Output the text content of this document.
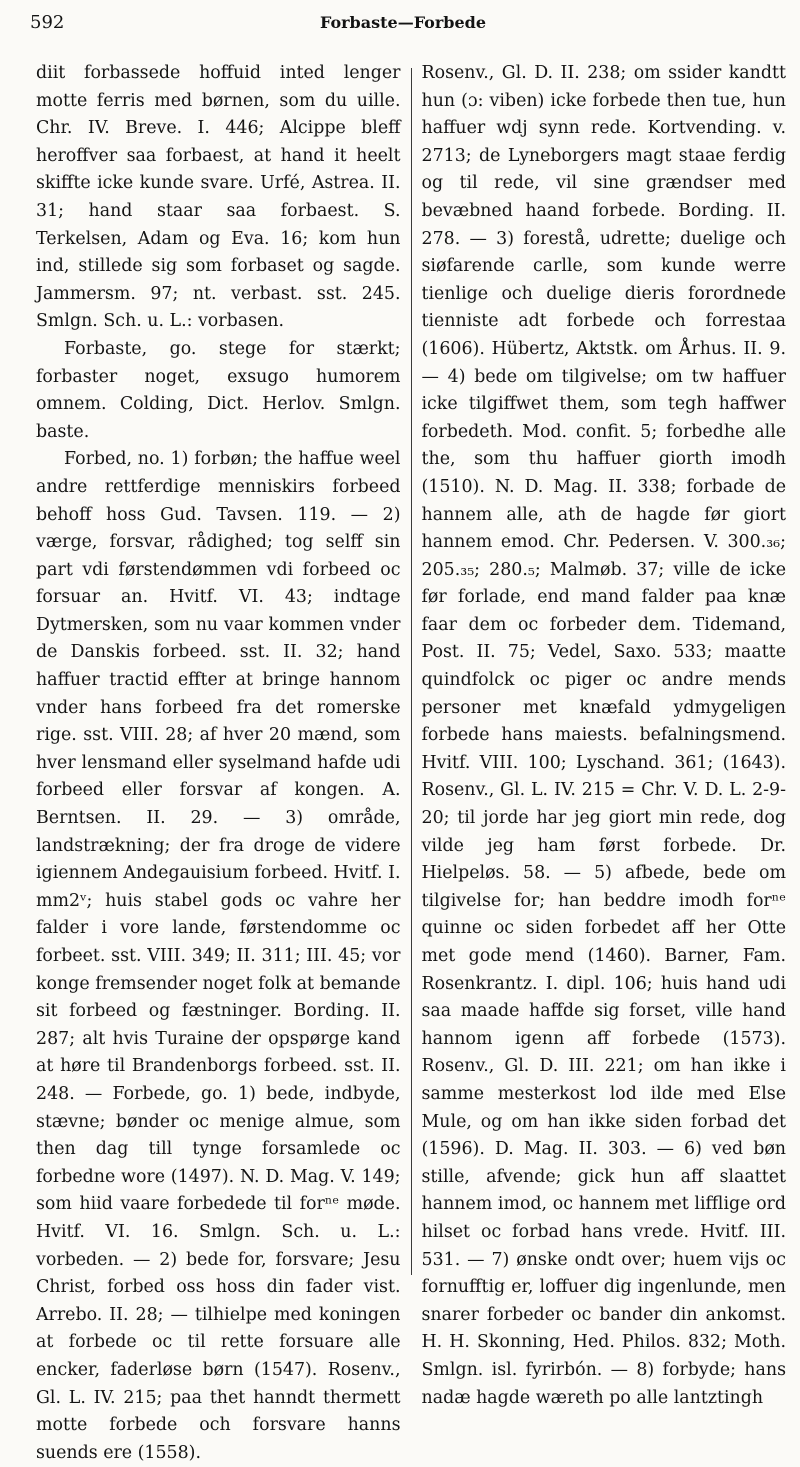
592	Forbaste—Forbede

diit forbassede hoffuid inted lenger motte ferris med børnen, som du uille. Chr. IV. Breve. I. 446; Alcippe bleff heroffver saa forbaest, at hand it heelt skiffte icke kunde svare. Urfé, Astrea. II. 31; hand staar saa forbaest. S. Terkelsen, Adam og Eva. 16; kom hun ind, stillede sig som forbaset og sagde. Jammersm. 97; nt. verbast. sst. 245. Smlgn. Sch. u. L.: vorbasen.

Forbaste, go. stege for stærkt; forbaster noget, exsugo humorem omnem. Colding, Dict. Herlov. Smlgn. baste.

Forbed, no. 1) forbøn; the haffue weel andre rettferdige menniskirs forbeed behoff hoss Gud. Tavsen. 119. — 2) værge, forsvar, rådighed; tog selff sin part vdi førstendømmen vdi forbeed oc forsuar an. Hvitf. VI. 43; indtage Dytmersken, som nu vaar kommen vnder de Danskis forbeed. sst. II. 32; hand haffuer tractid effter at bringe hannom vnder hans forbeed fra det romerske rige. sst. VIII. 28; af hver 20 mænd, som hver lensmand eller syselmand hafde udi forbeed eller forsvar af kongen. A. Berntsen. II. 29. — 3) område, landstrækning; der fra droge de videre igiennem Andegauisium forbeed. Hvitf. I. mm2ᵛ; huis stabel gods oc vahre her falder i vore lande, førstendomme oc forbeet. sst. VIII. 349; II. 311; III. 45; vor konge fremsender noget folk at bemande sit forbeed og fæstninger. Bording. II. 287; alt hvis Turaine der opspørge kand at høre til Brandenborgs forbeed. sst. II. 248. — Forbede, go. 1) bede, indbyde, stævne; bønder oc menige almue, som then dag till tynge forsamlede oc forbedne wore (1497). N. D. Mag. V. 149; som hiid vaare forbedede til forⁿᵉ møde. Hvitf. VI. 16. Smlgn. Sch. u. L.: vorbeden. — 2) bede for, forsvare; Jesu Christ, forbed oss hoss din fader vist. Arrebo. II. 28; — tilhielpe med koningen at forbede oc til rette forsuare alle encker, faderløse børn (1547). Rosenv., Gl. L. IV. 215; paa thet hanndt thermett motte forbede och forsvare hanns suends ere (1558).

Rosenv., Gl. D. II. 238; om ssider kandtt hun (ɔ: viben) icke forbede then tue, hun haffuer wdj synn rede. Kortvending. v. 2713; de Lyneborgers magt staae ferdig og til rede, vil sine grændser med bevæbned haand forbede. Bording. II. 278. — 3) forestå, udrette; duelige och siøfarende carlle, som kunde werre tienlige och duelige dieris forordnede tienniste adt forbede och forrestaa (1606). Hübertz, Aktstk. om Århus. II. 9. — 4) bede om tilgivelse; om tw haffuer icke tilgiffwet them, som tegh haffwer forbedeth. Mod. confit. 5; forbedhe alle the, som thu haffuer giorth imodh (1510). N. D. Mag. II. 338; forbade de hannem alle, ath de hagde før giort hannem emod. Chr. Pedersen. V. 300.₃₆; 205.₃₅; 280.₅; Malmøb. 37; ville de icke før forlade, end mand falder paa knæ faar dem oc forbeder dem. Tidemand, Post. II. 75; Vedel, Saxo. 533; maatte quindfolck oc piger oc andre mends personer met knæfald ydmygeligen forbede hans maiests. befalningsmend. Hvitf. VIII. 100; Lyschand. 361; (1643). Rosenv., Gl. L. IV. 215 = Chr. V. D. L. 2-9-20; til jorde har jeg giort min rede, dog vilde jeg ham først forbede. Dr. Hielpeløs. 58. — 5) afbede, bede om tilgivelse for; han beddre imodh forⁿᵉ quinne oc siden forbedet aff her Otte met gode mend (1460). Barner, Fam. Rosenkrantz. I. dipl. 106; huis hand udi saa maade haffde sig forset, ville hand hannom igenn aff forbede (1573). Rosenv., Gl. D. III. 221; om han ikke i samme mesterkost lod ilde med Else Mule, og om han ikke siden forbad det (1596). D. Mag. II. 303. — 6) ved bøn stille, afvende; gick hun aff slaattet hannem imod, oc hannem met lifflige ord hilset oc forbad hans vrede. Hvitf. III. 531. — 7) ønske ondt over; huem vijs oc fornufftig er, loffuer dig ingenlunde, men snarer forbeder oc bander din ankomst. H. H. Skonning, Hed. Philos. 832; Moth. Smlgn. isl. fyrirbón. — 8) forbyde; hans nadæ hagde wæreth po alle lantztingh
